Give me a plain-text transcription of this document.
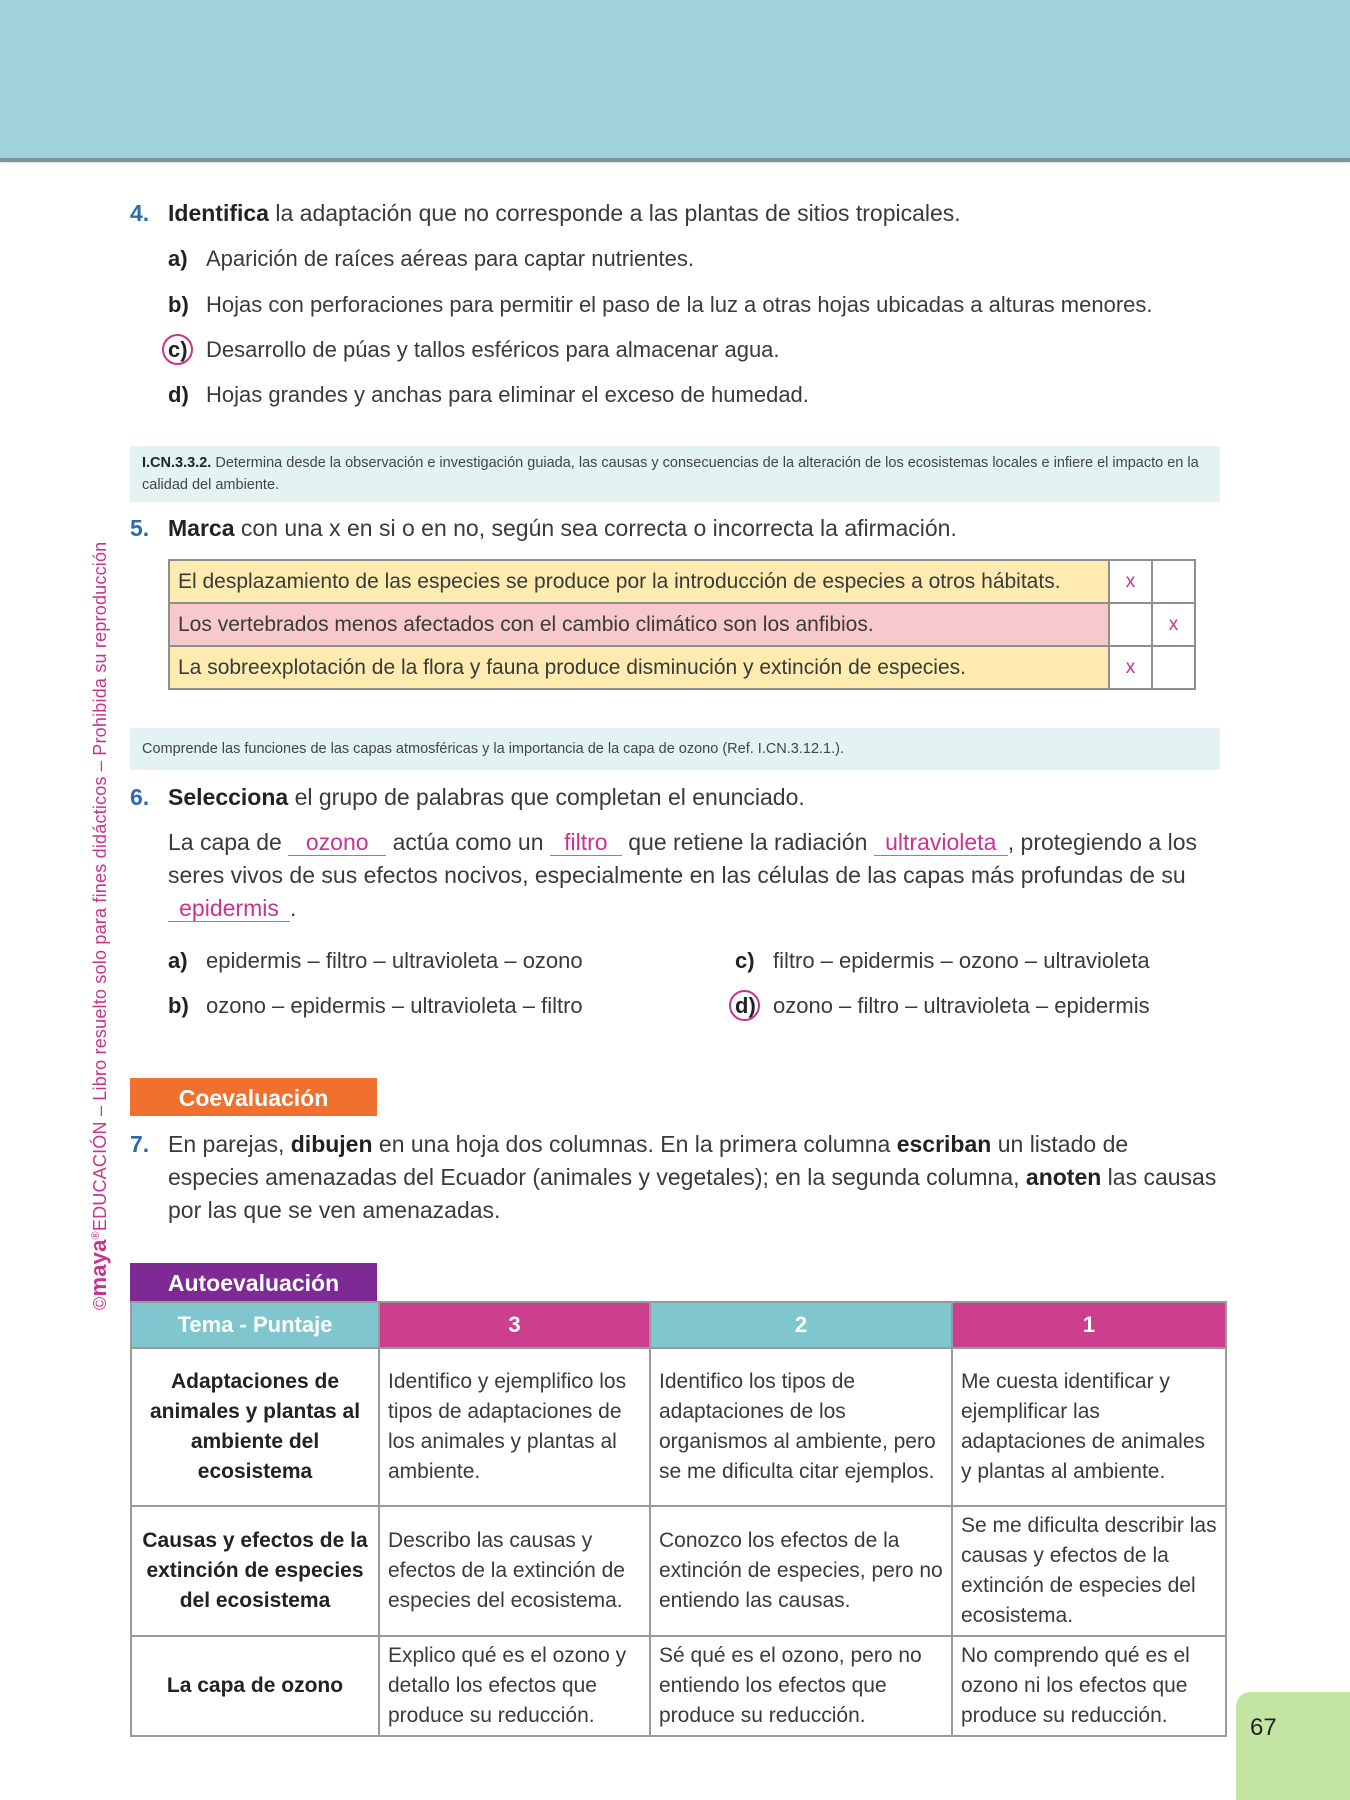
©maya®EDUCACIÓN – Libro resuelto solo para fines didácticos – Prohibida su reproducción
4. Identifica la adaptación que no corresponde a las plantas de sitios tropicales.
a) Aparición de raíces aéreas para captar nutrientes.
b) Hojas con perforaciones para permitir el paso de la luz a otras hojas ubicadas a alturas menores.
c) Desarrollo de púas y tallos esféricos para almacenar agua.
d) Hojas grandes y anchas para eliminar el exceso de humedad.
I.CN.3.3.2. Determina desde la observación e investigación guiada, las causas y consecuencias de la alteración de los ecosistemas locales e infiere el impacto en la calidad del ambiente.
5. Marca con una x en si o en no, según sea correcta o incorrecta la afirmación.
El desplazamiento de las especies se produce por la introducción de especies a otros hábitats.	x	
Los vertebrados menos afectados con el cambio climático son los anfibios.		x
La sobreexplotación de la flora y fauna produce disminución y extinción de especies.	x	
Comprende las funciones de las capas atmosféricas y la importancia de la capa de ozono (Ref. I.CN.3.12.1.).
6. Selecciona el grupo de palabras que completan el enunciado.
La capa de ozono actúa como un filtro que retiene la radiación ultravioleta , protegiendo a los seres vivos de sus efectos nocivos, especialmente en las células de las capas más profundas de su epidermis .
a) epidermis – filtro – ultravioleta – ozono
b) ozono – epidermis – ultravioleta – filtro
c) filtro – epidermis – ozono – ultravioleta
d) ozono – filtro – ultravioleta – epidermis
Coevaluación
7. En parejas, dibujen en una hoja dos columnas. En la primera columna escriban un listado de especies amenazadas del Ecuador (animales y vegetales); en la segunda columna, anoten las causas por las que se ven amenazadas.
Autoevaluación
Tema - Puntaje	3	2	1
Adaptaciones de animales y plantas al ambiente del ecosistema	Identifico y ejemplifico los tipos de adaptaciones de los animales y plantas al ambiente.	Identifico los tipos de adaptaciones de los organismos al ambiente, pero se me dificulta citar ejemplos.	Me cuesta identificar y ejemplificar las adaptaciones de animales y plantas al ambiente.
Causas y efectos de la extinción de especies del ecosistema	Describo las causas y efectos de la extinción de especies del ecosistema.	Conozco los efectos de la extinción de especies, pero no entiendo las causas.	Se me dificulta describir las causas y efectos de la extinción de especies del ecosistema.
La capa de ozono	Explico qué es el ozono y detallo los efectos que produce su reducción.	Sé qué es el ozono, pero no entiendo los efectos que produce su reducción.	No comprendo qué es el ozono ni los efectos que produce su reducción.	67
